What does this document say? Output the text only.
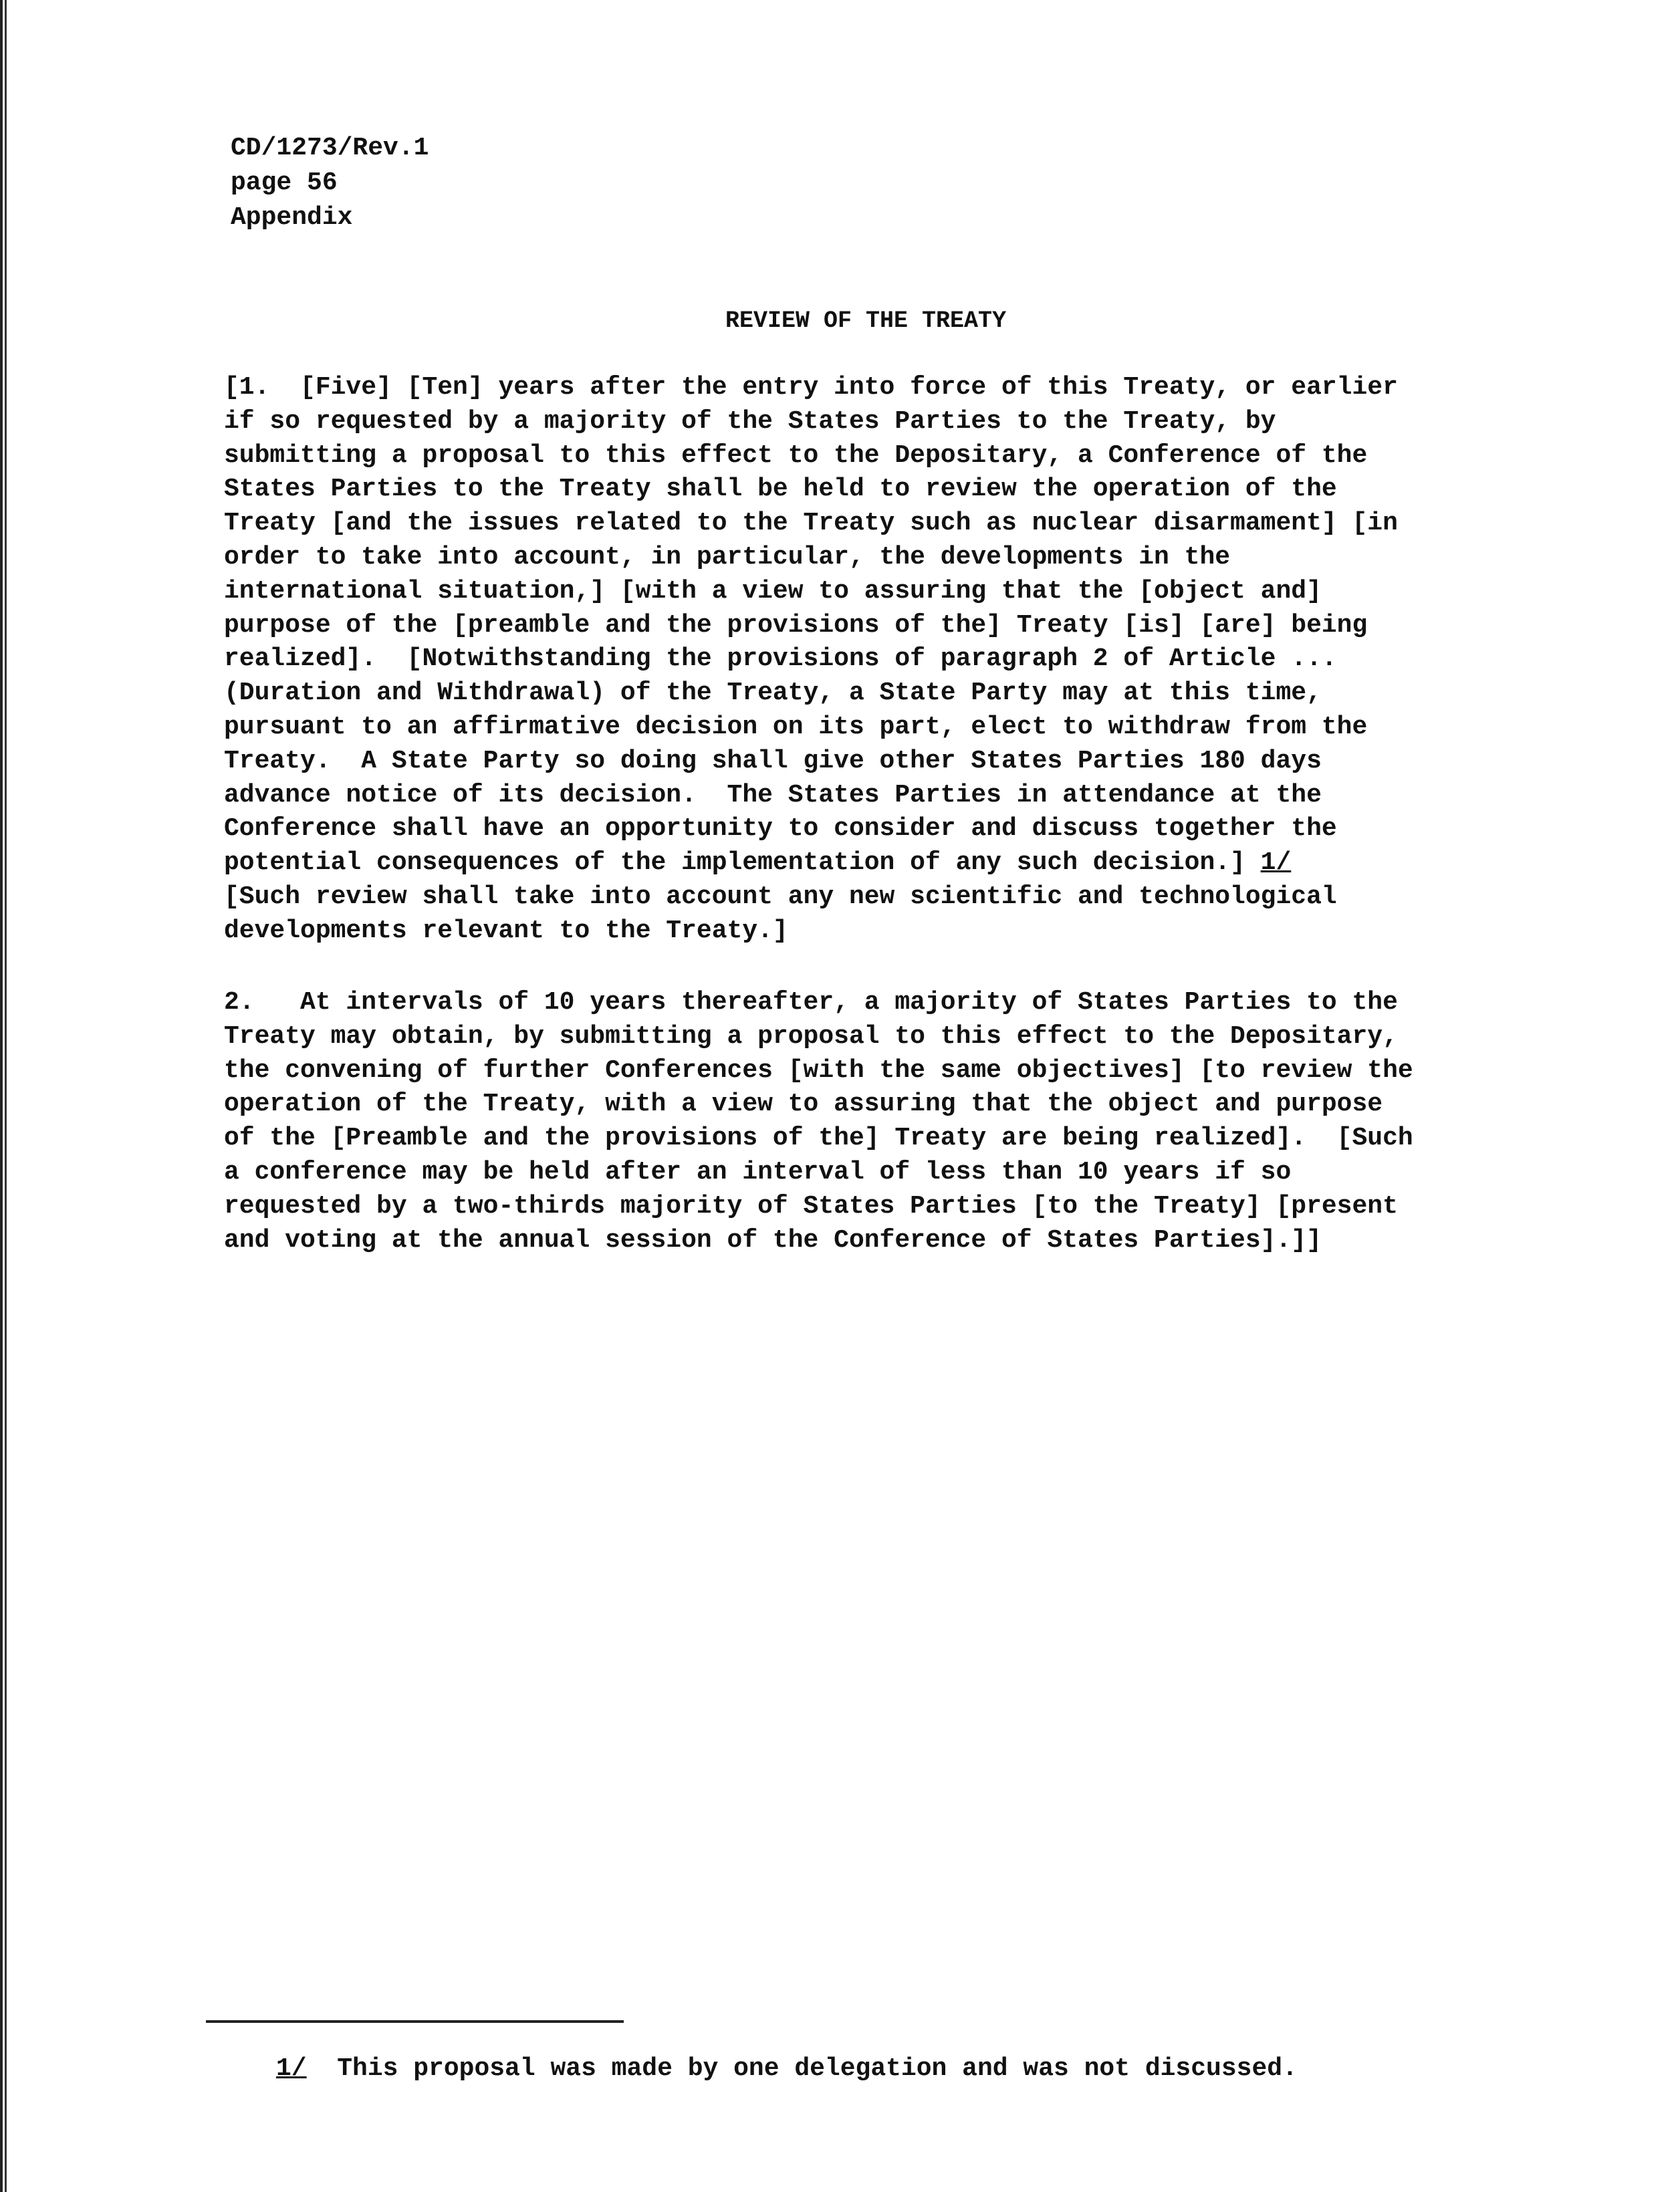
CD/1273/Rev.1
page 56
Appendix
REVIEW OF THE TREATY
[1.  [Five] [Ten] years after the entry into force of this Treaty, or earlier
if so requested by a majority of the States Parties to the Treaty, by
submitting a proposal to this effect to the Depositary, a Conference of the
States Parties to the Treaty shall be held to review the operation of the
Treaty [and the issues related to the Treaty such as nuclear disarmament] [in
order to take into account, in particular, the developments in the
international situation,] [with a view to assuring that the [object and]
purpose of the [preamble and the provisions of the] Treaty [is] [are] being
realized].  [Notwithstanding the provisions of paragraph 2 of Article ...
(Duration and Withdrawal) of the Treaty, a State Party may at this time,
pursuant to an affirmative decision on its part, elect to withdraw from the
Treaty.  A State Party so doing shall give other States Parties 180 days
advance notice of its decision.  The States Parties in attendance at the
Conference shall have an opportunity to consider and discuss together the
potential consequences of the implementation of any such decision.] 1/
[Such review shall take into account any new scientific and technological
developments relevant to the Treaty.]
2.   At intervals of 10 years thereafter, a majority of States Parties to the
Treaty may obtain, by submitting a proposal to this effect to the Depositary,
the convening of further Conferences [with the same objectives] [to review the
operation of the Treaty, with a view to assuring that the object and purpose
of the [Preamble and the provisions of the] Treaty are being realized].  [Such
a conference may be held after an interval of less than 10 years if so
requested by a two-thirds majority of States Parties [to the Treaty] [present
and voting at the annual session of the Conference of States Parties].]]
1/  This proposal was made by one delegation and was not discussed.
